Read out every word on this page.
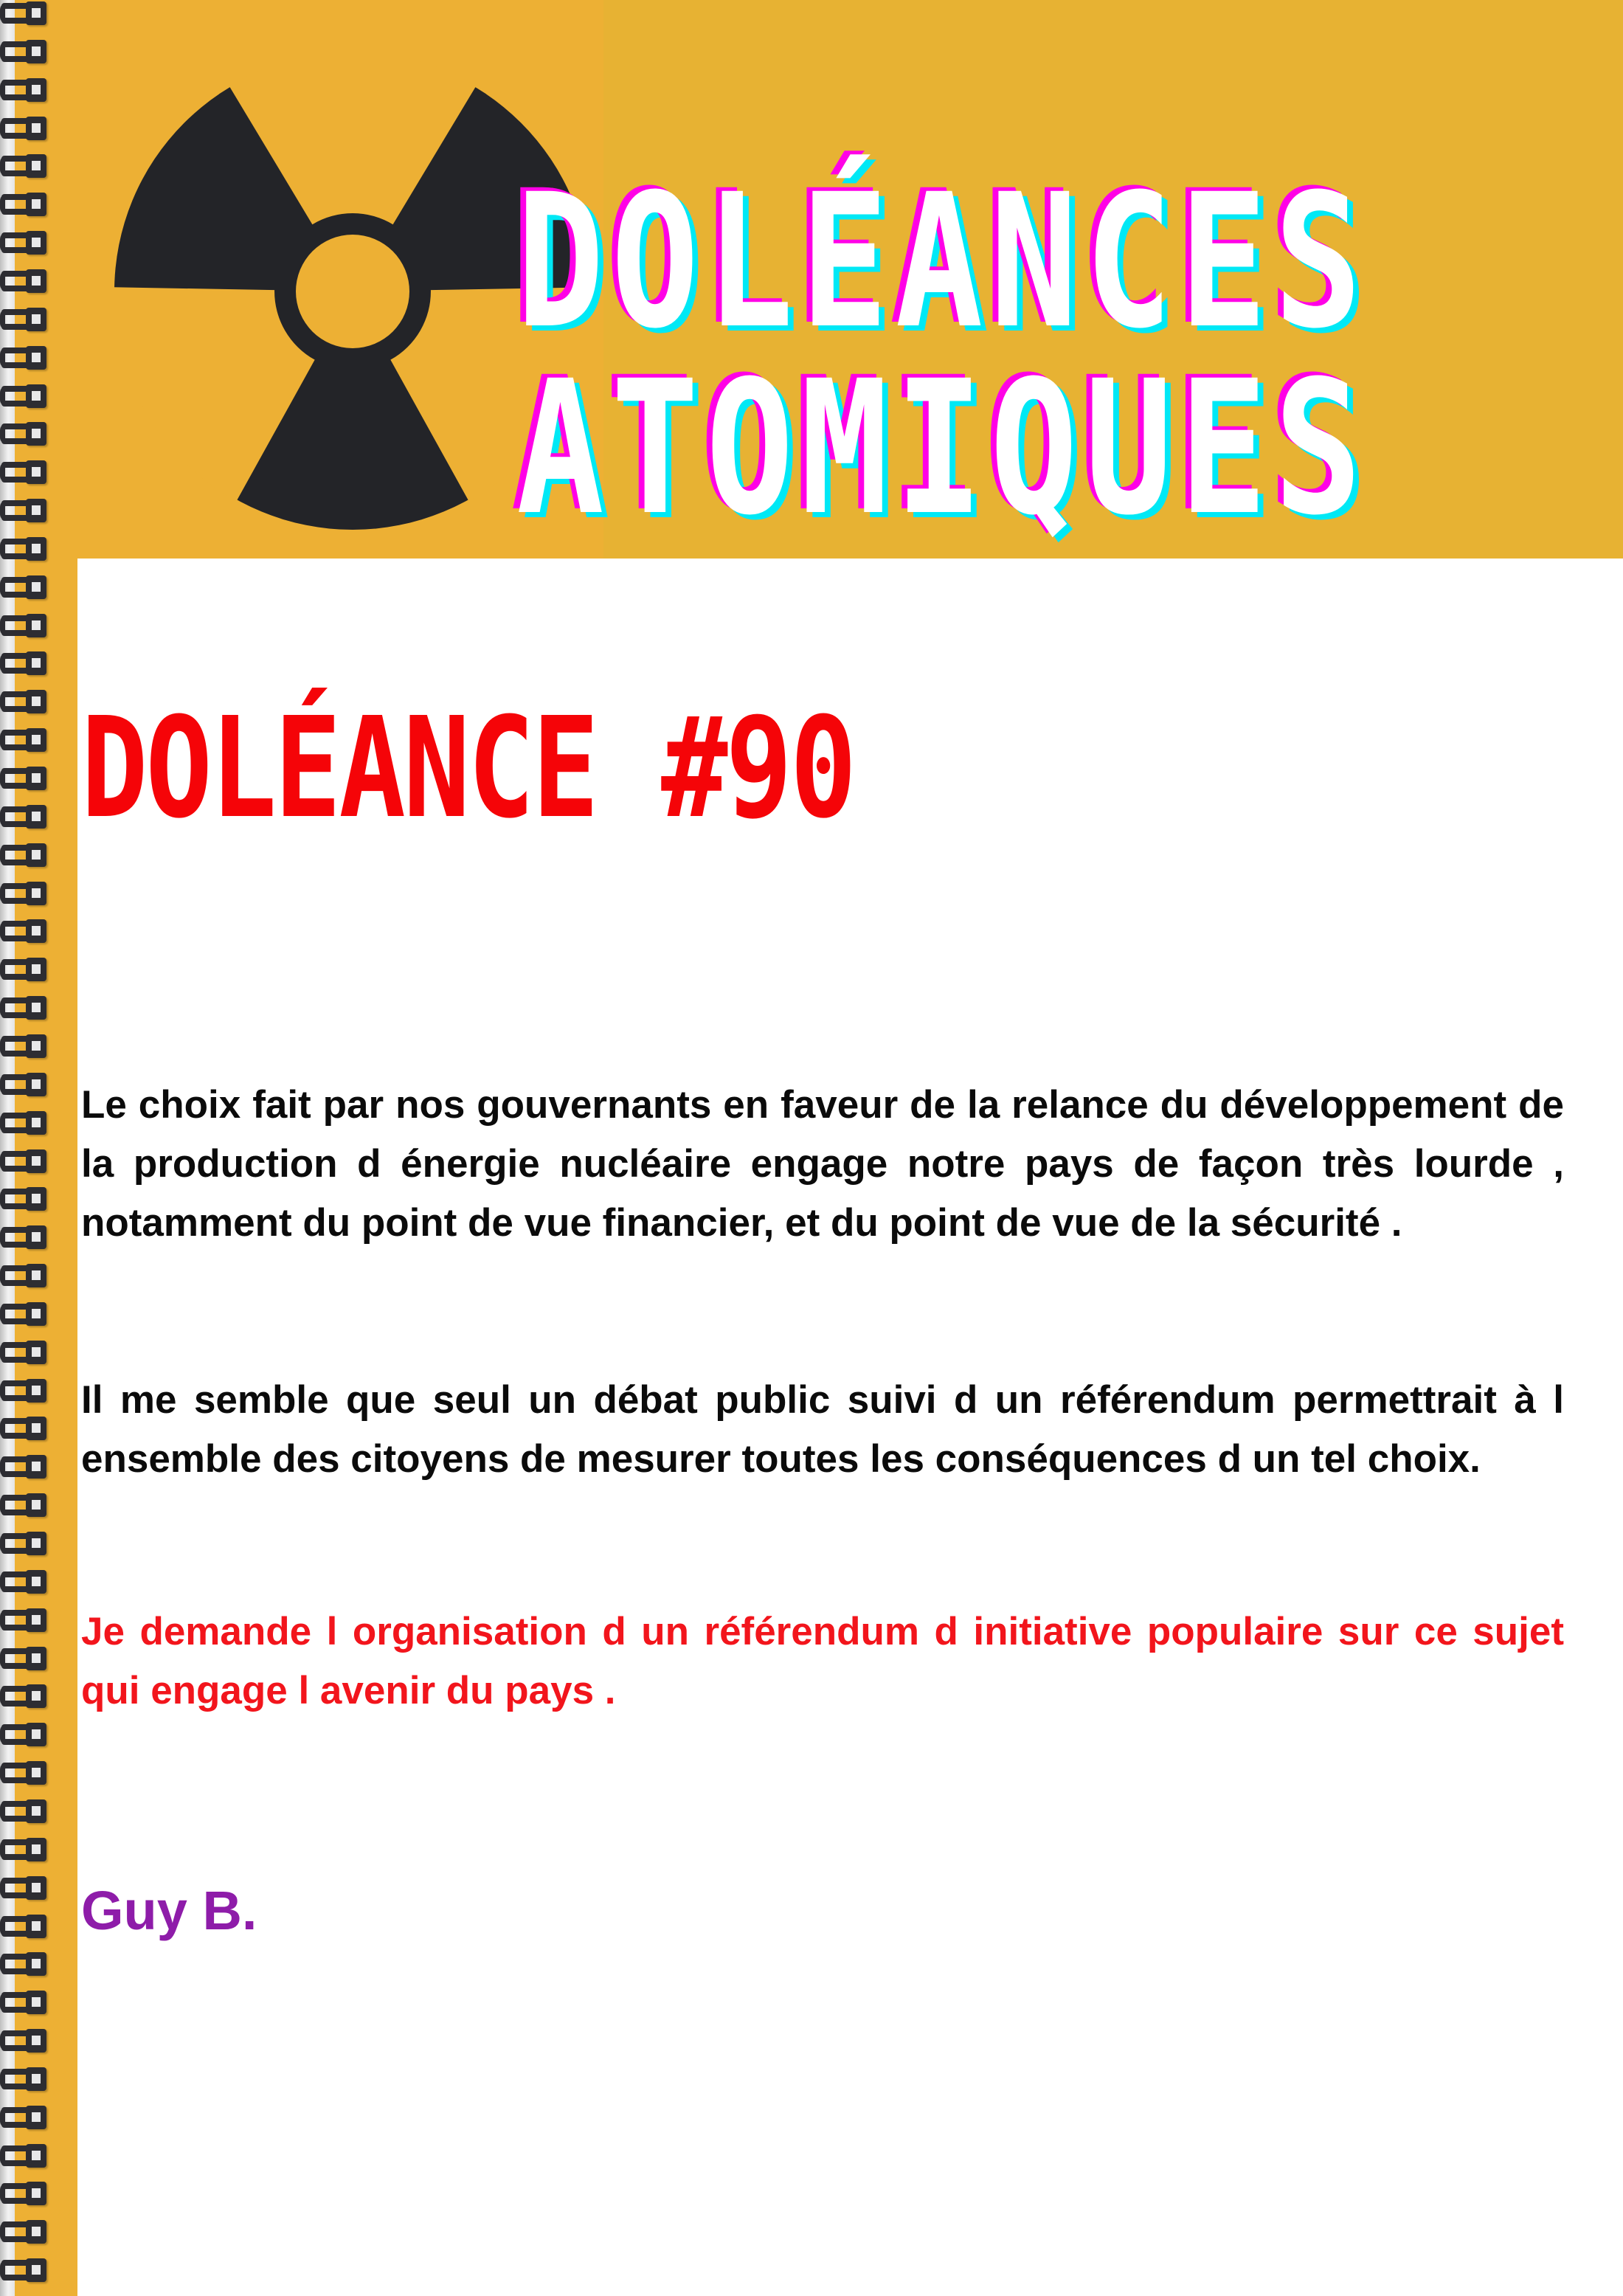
DOLÉANCES
ATOMIQUES
DOLÉANCE #90

Le choix fait par nos gouvernants en faveur de la relance du développement de la production d énergie nucléaire engage notre pays de façon très lourde , notamment du point de vue financier, et du point de vue de la sécurité .

Il me semble que seul un débat public suivi d un référendum permettrait à l ensemble des citoyens de mesurer toutes les conséquences d un tel choix.

Je demande l organisation d un référendum d initiative populaire sur ce sujet qui engage l avenir du pays .

Guy B.
